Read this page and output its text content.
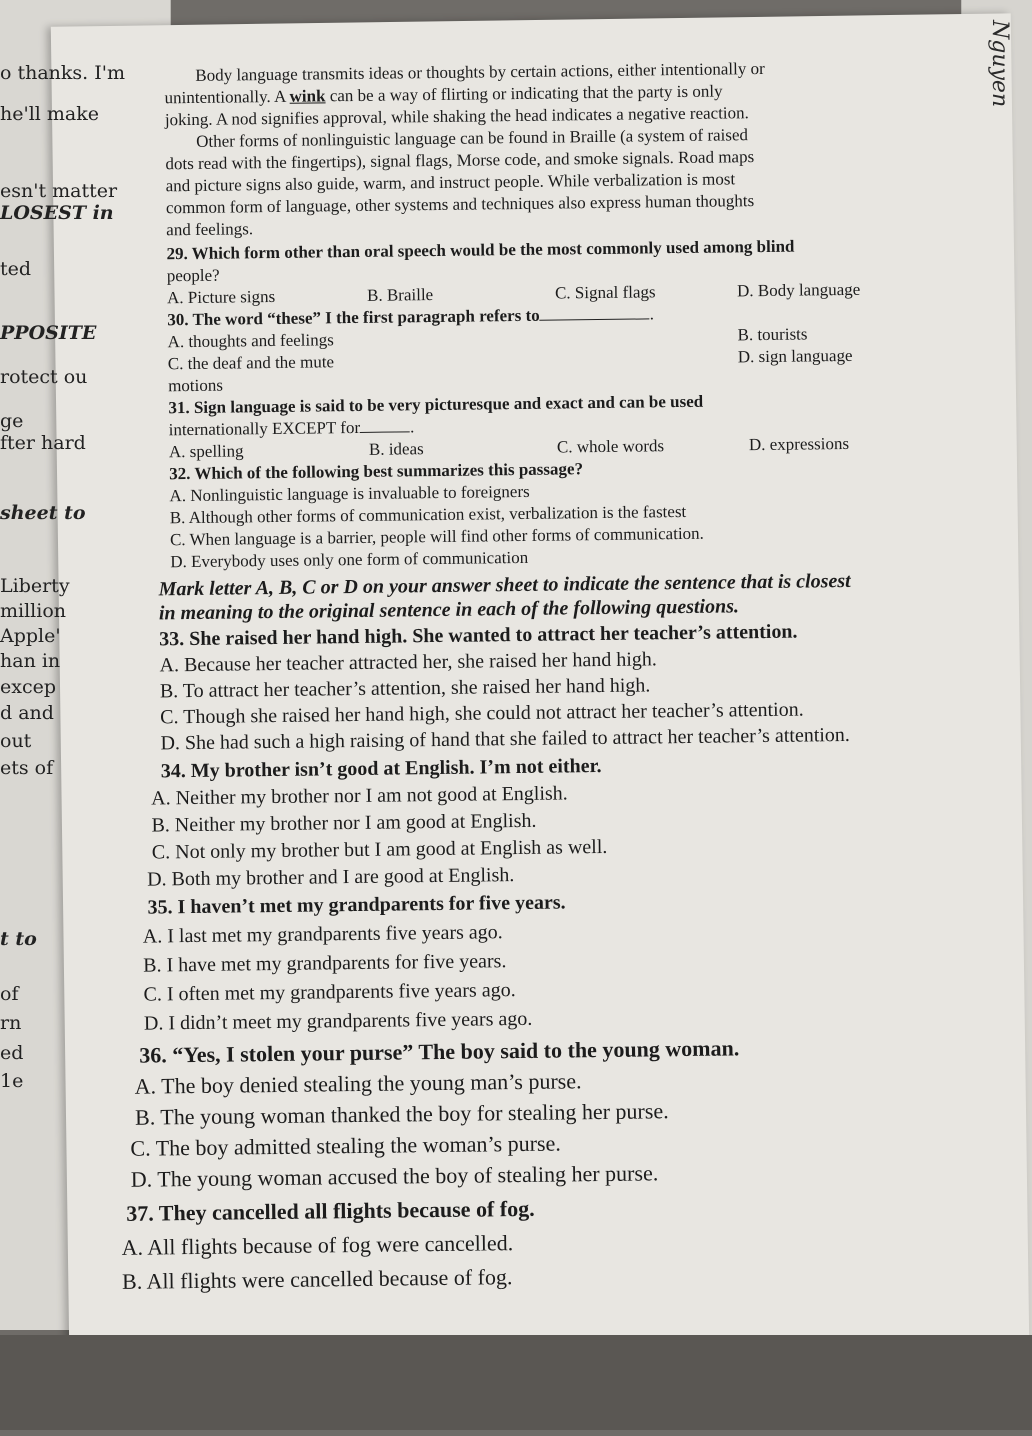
o thanks. I'm
he'll make
esn't matter
LOSEST in
ted
PPOSITE
rotect ou
ge
fter hard
sheet to
Liberty
million
Apple'
han in
excep
d and
out
ets of
t to
of
rn
ed
1e
Nguyen
Body language transmits ideas or thoughts by certain actions, either intentionally or
unintentionally. A wink can be a way of flirting or indicating that the party is only
joking. A nod signifies approval, while shaking the head indicates a negative reaction.
Other forms of nonlinguistic language can be found in Braille (a system of raised
dots read with the fingertips), signal flags, Morse code, and smoke signals. Road maps
and picture signs also guide, warm, and instruct people. While verbalization is most
common form of language, other systems and techniques also express human thoughts
and feelings.
29. Which form other than oral speech would be the most commonly used among blind
people?
A. Picture signs	B. Braille	C. Signal flags	D. Body language
30. The word “these” I the first paragraph refers to	.
A. thoughts and feelings	B. tourists
C. the deaf and the mute	D. sign language
motions
31. Sign language is said to be very picturesque and exact and can be used
internationally EXCEPT for	.
A. spelling	B. ideas	C. whole words	D. expressions
32. Which of the following best summarizes this passage?
A. Nonlinguistic language is invaluable to foreigners
B. Although other forms of communication exist, verbalization is the fastest
C. When language is a barrier, people will find other forms of communication.
D. Everybody uses only one form of communication
Mark letter A, B, C or D on your answer sheet to indicate the sentence that is closest
in meaning to the original sentence in each of the following questions.
33. She raised her hand high. She wanted to attract her teacher’s attention.
A. Because her teacher attracted her, she raised her hand high.
B. To attract her teacher’s attention, she raised her hand high.
C. Though she raised her hand high, she could not attract her teacher’s attention.
D. She had such a high raising of hand that she failed to attract her teacher’s attention.
34. My brother isn’t good at English. I’m not either.
A. Neither my brother nor I am not good at English.
B. Neither my brother nor I am good at English.
C. Not only my brother but I am good at English as well.
D. Both my brother and I are good at English.
35. I haven’t met my grandparents for five years.
A. I last met my grandparents five years ago.
B. I have met my grandparents for five years.
C. I often met my grandparents five years ago.
D. I didn’t meet my grandparents five years ago.
36. “Yes, I stolen your purse” The boy said to the young woman.
A. The boy denied stealing the young man’s purse.
B. The young woman thanked the boy for stealing her purse.
C. The boy admitted stealing the woman’s purse.
D. The young woman accused the boy of stealing her purse.
37. They cancelled all flights because of fog.
A. All flights because of fog were cancelled.
B. All flights were cancelled because of fog.
